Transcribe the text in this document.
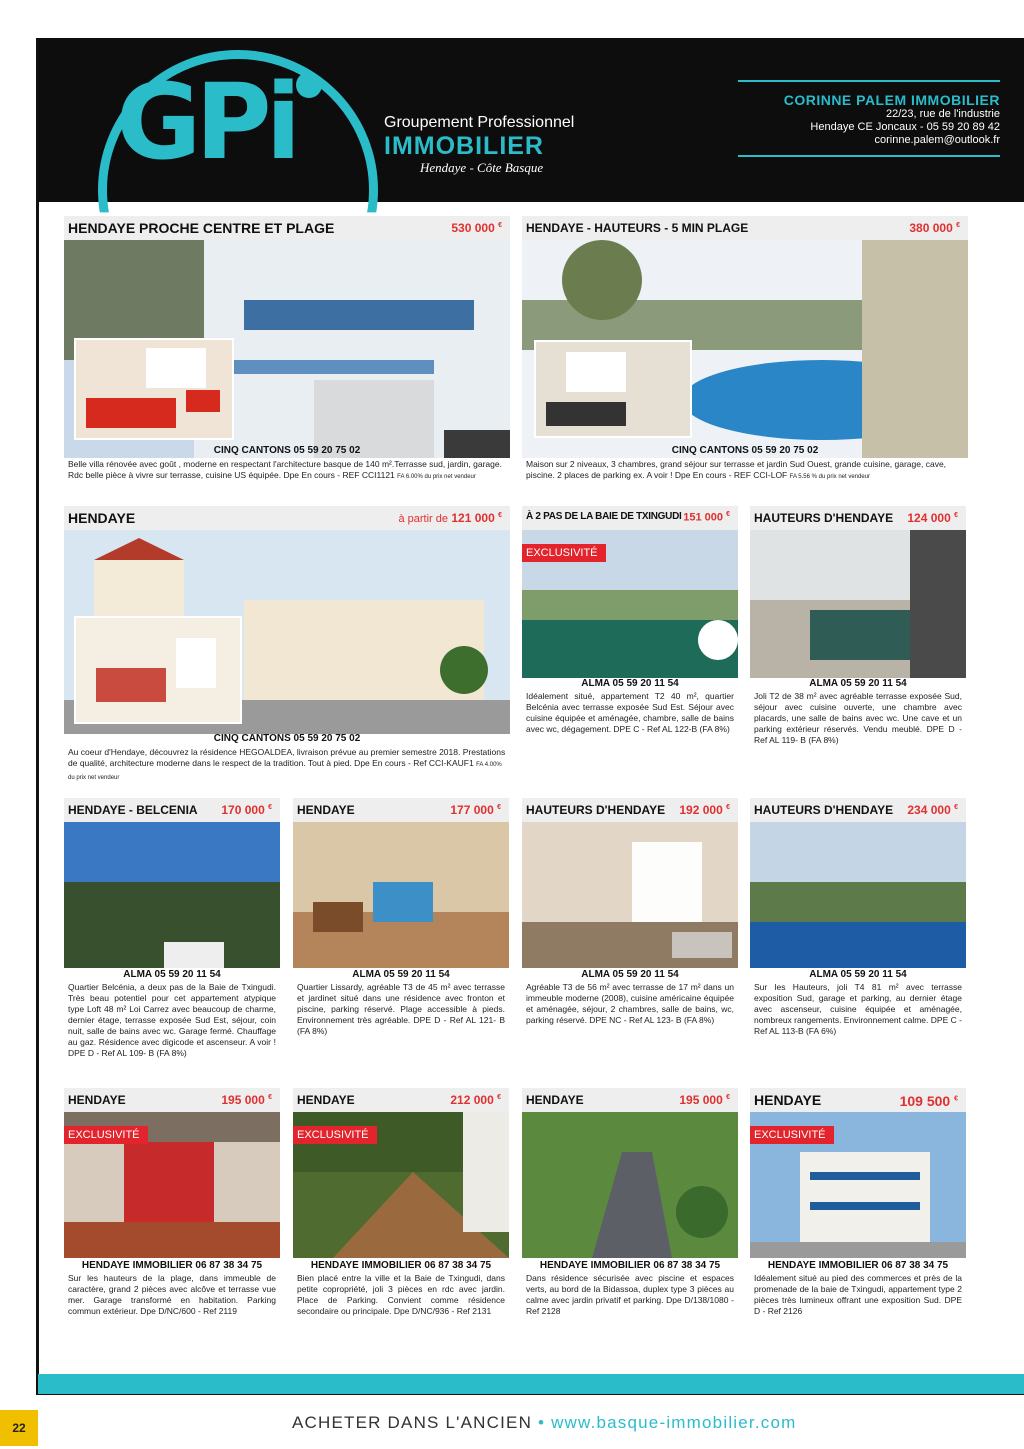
GPi	Groupement Professionnel
IMMOBILIER
Hendaye - Côte Basque
CORINNE PALEM IMMOBILIER
22/23, rue de l'industrie
Hendaye CE Joncaux - 05 59 20 89 42
corinne.palem@outlook.fr
HENDAYE PROCHE CENTRE ET PLAGE	530 000 €
CINQ CANTONS 05 59 20 75 02
Belle villa rénovée avec goût , moderne en respectant l'architecture basque de 140 m².Terrasse sud, jardin, garage. Rdc belle pièce à vivre sur terrasse, cuisine US équipée. Dpe En cours - REF CCI1121 FA 6.00% du prix net vendeur
HENDAYE - HAUTEURS - 5 MIN PLAGE	380 000 €
CINQ CANTONS 05 59 20 75 02
Maison sur 2 niveaux, 3 chambres, grand séjour sur terrasse et jardin Sud Ouest, grande cuisine, garage, cave, piscine. 2 places de parking ex. A voir ! Dpe En cours - REF CCI-LOF FA 5.56 % du prix net vendeur
HENDAYE	à partir de 121 000 €
CINQ CANTONS 05 59 20 75 02
Au coeur d'Hendaye, découvrez la résidence HEGOALDEA, livraison prévue au premier semestre 2018. Prestations de qualité, architecture moderne dans le respect de la tradition. Tout à pied. Dpe En cours - Ref CCI-KAUF1 FA 4.00% du prix net vendeur
À 2 PAS DE LA BAIE DE TXINGUDI 151 000 €
EXCLUSIVITÉ
ALMA 05 59 20 11 54
Idéalement situé, appartement T2 40 m², quartier Belcénia avec terrasse exposée Sud Est. Séjour avec cuisine équipée et aménagée, chambre, salle de bains avec wc, dégagement. DPE C - Ref AL 122-B (FA 8%)
HAUTEURS D'HENDAYE 124 000 €
ALMA 05 59 20 11 54
Joli T2 de 38 m² avec agréable terrasse exposée Sud, séjour avec cuisine ouverte, une chambre avec placards, une salle de bains avec wc. Une cave et un parking extérieur réservés. Vendu meublé. DPE D - Ref AL 119- B (FA 8%)
HENDAYE - BELCENIA 170 000 €
ALMA 05 59 20 11 54
Quartier Belcénia, a deux pas de la Baie de Txingudi. Très beau potentiel pour cet appartement atypique type Loft 48 m² Loi Carrez avec beaucoup de charme, dernier étage, terrasse exposée Sud Est, séjour, coin nuit, salle de bains avec wc. Garage fermé. Chauffage au gaz. Résidence avec digicode et ascenseur. A voir ! DPE D - Ref AL 109- B (FA 8%)
HENDAYE	177 000 €
ALMA 05 59 20 11 54
Quartier Lissardy, agréable T3 de 45 m² avec terrasse et jardinet situé dans une résidence avec fronton et piscine, parking réservé. Plage accessible à pieds. Environnement très agréable. DPE D - Ref AL 121- B (FA 8%)
HAUTEURS D'HENDAYE 192 000 €
ALMA 05 59 20 11 54
Agréable T3 de 56 m² avec terrasse de 17 m² dans un immeuble moderne (2008), cuisine américaine équipée et aménagée, séjour, 2 chambres, salle de bains, wc, parking réservé. DPE NC - Ref AL 123- B (FA 8%)
HAUTEURS D'HENDAYE 234 000 €
ALMA 05 59 20 11 54
Sur les Hauteurs, joli T4 81 m² avec terrasse exposition Sud, garage et parking, au dernier étage avec ascenseur, cuisine équipée et aménagée, nombreux rangements. Environnement calme. DPE C - Ref AL 113-B (FA 6%)
HENDAYE	195 000 €
EXCLUSIVITÉ
HENDAYE IMMOBILIER 06 87 38 34 75
Sur les hauteurs de la plage, dans immeuble de caractère, grand 2 pièces avec alcôve et terrasse vue mer. Garage transformé en habitation. Parking commun extérieur. Dpe D/NC/600 - Ref 2119
HENDAYE	212 000 €
EXCLUSIVITÉ
HENDAYE IMMOBILIER 06 87 38 34 75
Bien placé entre la ville et la Baie de Txingudi, dans petite copropriété, joli 3 pièces en rdc avec jardin. Place de Parking. Convient comme résidence secondaire ou principale. Dpe D/NC/936 - Ref 2131
HENDAYE	195 000 €
HENDAYE IMMOBILIER 06 87 38 34 75
Dans résidence sécurisée avec piscine et espaces verts, au bord de la Bidassoa, duplex type 3 pièces au calme avec jardin privatif et parking. Dpe D/138/1080 - Ref 2128
HENDAYE	109 500 €
EXCLUSIVITÉ
HENDAYE IMMOBILIER 06 87 38 34 75
Idéalement situé au pied des commerces et près de la promenade de la baie de Txingudi, appartement type 2 pièces très lumineux offrant une exposition Sud. DPE D - Ref 2126
22	ACHETER DANS L'ANCIEN • www.basque-immobilier.com
